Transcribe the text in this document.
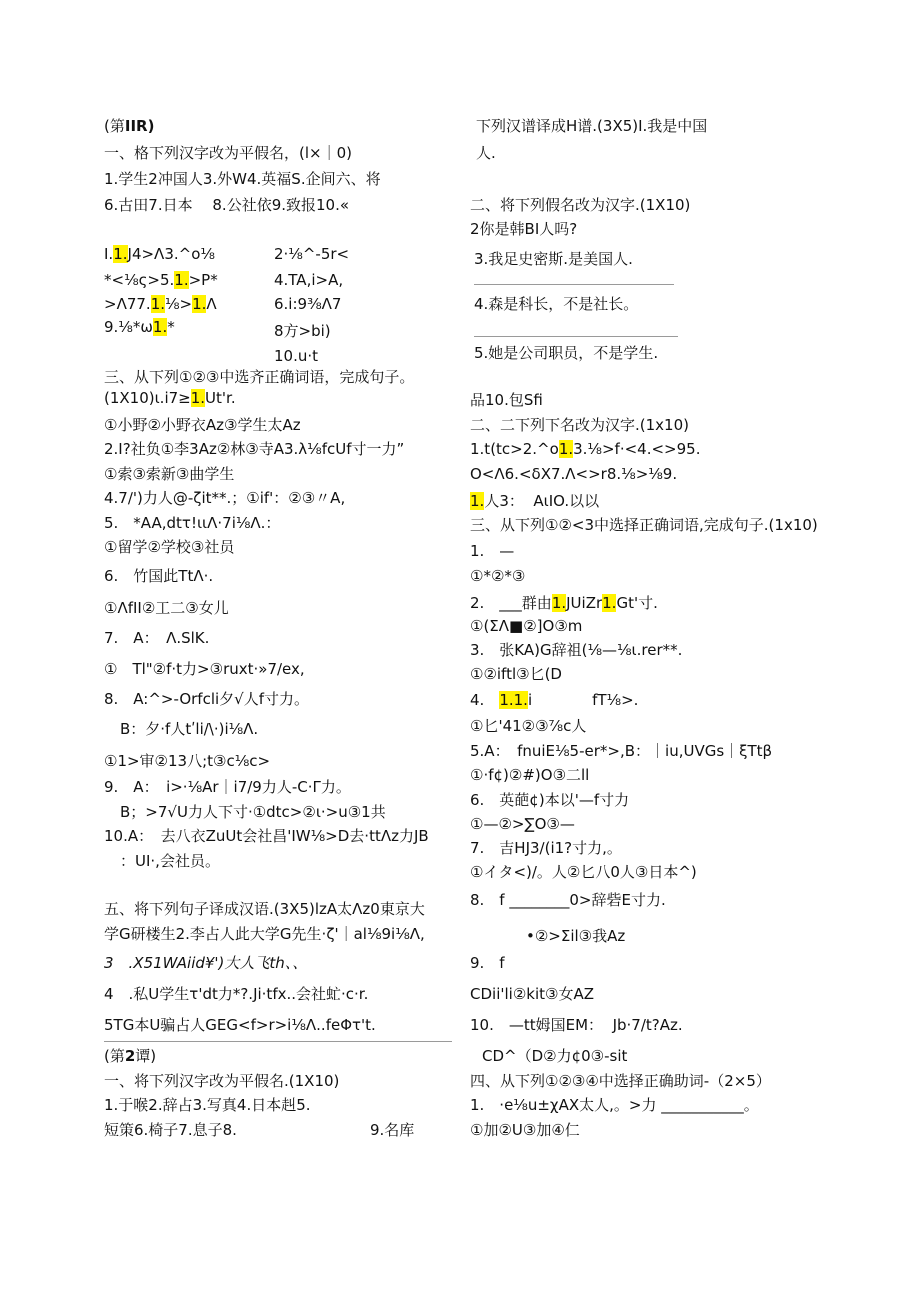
(第IIR)
一、格下列汉字改为平假名，(l×｜0)
1.学生2冲国人3.外W4.英福S.企间六、将
6.古田7.日本　 8.公社依9.致报10.«
I.1.J4>Λ3.^o⅛	2·⅛^-5r<
*<⅛ς>5.1.>P*	4.TA,i>A,
>Λ77.1.⅛>1.Λ	6.i:9⅜Λ7
9.⅛*ω1.*	8方>bi)
10.u·t
三、从下列①②③中选齐正确词语，完成句子。
(1X10)ι.i7≥1.Ut'r.
①小野②小野衣Az③学生太Az
2.I?社负①李3Az②林③寺A3.λ⅛fcUf寸一力”
①索③索新③曲学生
4.7∕')力人@-ζit**.；①if'：②③〃A,
5.　*AA,dtτ!ιιΛ·7i⅛Λ.：
①留学②学校③社员
6.　竹国此TtΛ·.
①ΛfII②工二③女儿
7.　A：　Λ.SlK.
①　Tl"②f·t力>③ruxt·»7∕ex,
8.　A:^>-Orfcli夕√人f寸力。
B：夕·f人tʹli/\·)i⅛Λ.
①1>审②13八;t③c⅛c>
9.　A：　i>·⅛Ar｜i7/9力人-C·Γ力。
B；>7√U力人下寸·①dtc>②ι·>u③1共
10.A：　去八衣ZuUt会社昌'IW⅛>D去·ttΛz力JB
：UI·,会社员。
五、将下列句子译成汉语.(3X5)lzA太Λz0東京大
学G研楼生2.李占人此大学G先生·ζ'｜al⅛9i⅛Λ,
3　.X51WAiid¥')大人飞th、、
4　.私U学生τ'dt力*?.Ji·tfx..会社虻·c·r.
5TG本U骗占人GEG<f>r>i⅛Λ..feΦτ't.
(第2谭)
一、将下列汉字改为平假名.(1X10)
1.于喉2.辞占3.写真4.日本赳5.
短策6.椅子7.息子8.	9.名库
下列汉谱译成H谱.(3X5)I.我是中国
人.
二、将下列假名改为汉字.(1X10)
2你是韩BI人吗?
3.我足史密斯.是美国人.
4.森是科长，不是社长。
5.她是公司职员，不是学生.
品10.包Sfi
二、二下列下名改为汉字.(1x10)
1.t(tc>2.^o1.3.⅛>f·<4.<>95.
O<Λ6.<δX7.Λ<>r8.⅛>⅛9.
1.人3：  AιIO.以以
三、从下列①②<3中选择正确词语,完成句子.(1x10)
1.　—
①*②*③
2.　___群由1.JUiZr1.Gt'寸.
①(ΣΛ■②]O③m
3.　张KA)G辞祖(⅛—⅛ι.rer**.
①②iftl③匕(D
4.　1.1.i　　　　fT⅛>.
①匕'41②③⅞c人
5.A：　fnuiE⅛5-er*>,B：｜iu,UVGs｜ξTtβ
①·f¢)②#)O③二ll
6.　英葩¢)本以'—f寸力
①—②>∑O③—
7.　吉HJ3∕(i1?寸力,。
①イタ<)/。人②匕八0人③日本^)
8.　f ________0>辞砦E寸力.
•②>Σil③我Az
9.　f
CDii'li②kit③女AZ
10.　—tt姆国EM：  Jb·7/t?Az.
CD^（D②力¢0③-sit
四、从下列①②③④中选择正确助词-（2×5）
1.　·e⅛u±χAX太人,。>力 ___________。
①加②U③加④仁
